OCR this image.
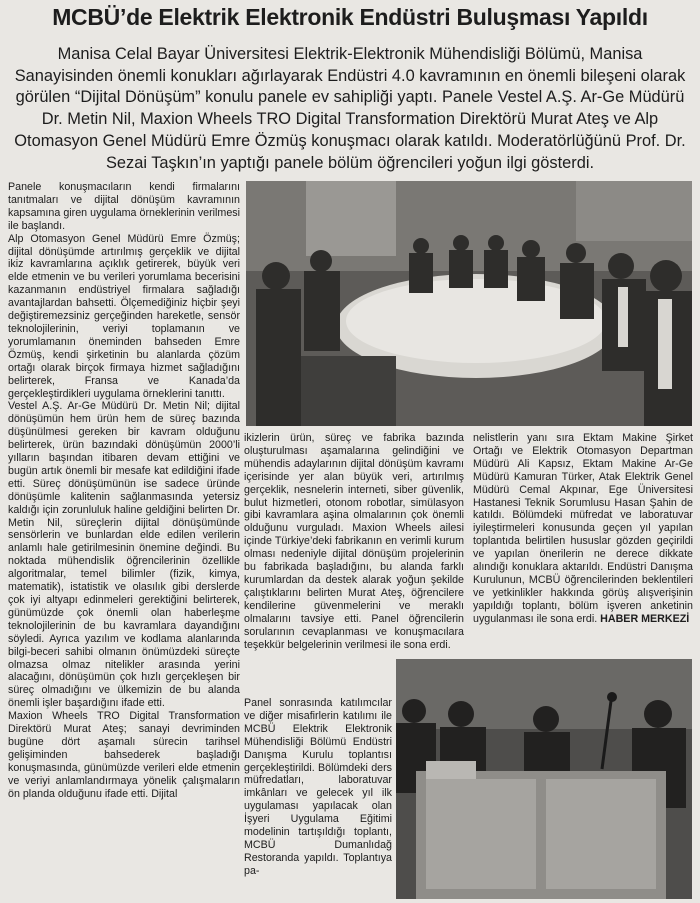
MCBÜ’de Elektrik Elektronik Endüstri Buluşması Yapıldı

Manisa Celal Bayar Üniversitesi Elektrik-Elektronik Mühendisliği Bölümü, Manisa Sanayisinden önemli konukları ağırlayarak Endüstri 4.0 kavramının en önemli bileşeni olarak görülen “Dijital Dönüşüm” konulu panele ev sahipliği yaptı. Panele Vestel A.Ş. Ar-Ge Müdürü Dr. Metin Nil, Maxion Wheels TRO Digital Transformation Direktörü Murat Ateş ve Alp Otomasyon Genel Müdürü Emre Özmüş konuşmacı olarak katıldı. Moderatörlüğünü Prof. Dr. Sezai Taşkın’ın yaptığı panele bölüm öğrencileri yoğun ilgi gösterdi.

Panele konuşmacıların kendi firmalarını tanıtmaları ve dijital dönüşüm kavramının kapsamına giren uygulama örneklerinin verilmesi ile başlandı.

Alp Otomasyon Genel Müdürü Emre Özmüş; dijital dönüşümde artırılmış gerçeklik ve dijital ikiz kavramlarına açıklık getirerek, büyük veri elde etmenin ve bu verileri yorumlama becerisini kazanmanın endüstriyel firmalara sağladığı avantajlardan bahsetti. Ölçemediğiniz hiçbir şeyi değiştiremezsiniz gerçeğinden hareketle, sensör teknolojilerinin, veriyi toplamanın ve yorumlamanın öneminden bahseden Emre Özmüş, kendi şirketinin bu alanlarda çözüm ortağı olarak birçok firmaya hizmet sağladığını belirterek, Fransa ve Kanada’da gerçekleştirdikleri uygulama örneklerini tanıttı.

Vestel A.Ş. Ar-Ge Müdürü Dr. Metin Nil; dijital dönüşümün hem ürün hem de süreç bazında düşünülmesi gereken bir kavram olduğunu belirterek, ürün bazındaki dönüşümün 2000’li yılların başından itibaren devam ettiğini ve bugün artık önemli bir mesafe kat edildiğini ifade etti. Süreç dönüşümünün ise sadece üründe dönüşümle kalitenin sağlanmasında yetersiz kaldığı için zorunluluk haline geldiğini belirten Dr. Metin Nil, süreçlerin dijital dönüşümünde sensörlerin ve bunlardan elde edilen verilerin anlamlı hale getirilmesinin önemine değindi. Bu noktada mühendislik öğrencilerinin özellikle algoritmalar, temel bilimler (fizik, kimya, matematik), istatistik ve olasılık gibi derslerde çok iyi altyapı edinmeleri gerektiğini belirterek, günümüzde çok önemli olan haberleşme teknolojilerinin de bu kavramlara dayandığını söyledi. Ayrıca yazılım ve kodlama alanlarında bilgi-beceri sahibi olmanın önümüzdeki süreçte olmazsa olmaz nitelikler arasında yerini alacağını, dönüşümün çok hızlı gerçekleşen bir süreç olmadığını ve ülkemizin de bu alanda önemli işler başardığını ifade etti.

Maxion Wheels TRO Digital Transformation Direktörü Murat Ateş; sanayi devriminden bugüne dört aşamalı sürecin tarihsel gelişiminden bahsederek başladığı konuşmasında, günümüzde verileri elde etmenin ve veriyi anlamlandırmaya yönelik çalışmaların ön planda olduğunu ifade etti. Dijital

ikizlerin ürün, süreç ve fabrika bazında oluşturulması aşamalarına gelindiğini ve mühendis adaylarının dijital dönüşüm kavramı içerisinde yer alan büyük veri, artırılmış gerçeklik, nesnelerin interneti, siber güvenlik, bulut hizmetleri, otonom robotlar, simülasyon gibi kavramlara aşina olmalarının çok önemli olduğunu vurguladı. Maxion Wheels ailesi içinde Türkiye’deki fabrikanın en verimli kurum olması nedeniyle dijital dönüşüm projelerinin bu fabrikada başladığını, bu alanda farklı kurumlardan da destek alarak yoğun şekilde çalıştıklarını belirten Murat Ateş, öğrencilere kendilerine güvenmelerini ve meraklı olmalarını tavsiye etti. Panel öğrencilerin sorularının cevaplanması ve konuşmacılara teşekkür belgelerinin verilmesi ile sona erdi.

Panel sonrasında katılımcılar ve diğer misafirlerin katılımı ile MCBÜ Elektrik Elektronik Mühendisliği Bölümü Endüstri Danışma Kurulu toplantısı gerçekleştirildi. Bölümdeki ders müfredatları, laboratuvar imkânları ve gelecek yıl ilk uygulaması yapılacak olan İşyeri Uygulama Eğitimi modelinin tartışıldığı toplantı, MCBÜ Dumanlıdağ Restoranda yapıldı. Toplantıya pa-

nelistlerin yanı sıra Ektam Makine Şirket Ortağı ve Elektrik Otomasyon Departman Müdürü Ali Kapsız, Ektam Makine Ar-Ge Müdürü Kamuran Türker, Atak Elektrik Genel Müdürü Cemal Akpınar, Ege Üniversitesi Hastanesi Teknik Sorumlusu Hasan Şahin de katıldı. Bölümdeki müfredat ve laboratuvar iyileştirmeleri konusunda geçen yıl yapılan toplantıda belirtilen hususlar gözden geçirildi ve yapılan önerilerin ne derece dikkate alındığı konuklara aktarıldı. Endüstri Danışma Kurulunun, MCBÜ öğrencilerinden beklentileri ve yetkinlikler hakkında görüş alışverişinin yapıldığı toplantı, bölüm işveren anketinin uygulanması ile sona erdi. HABER MERKEZİ
